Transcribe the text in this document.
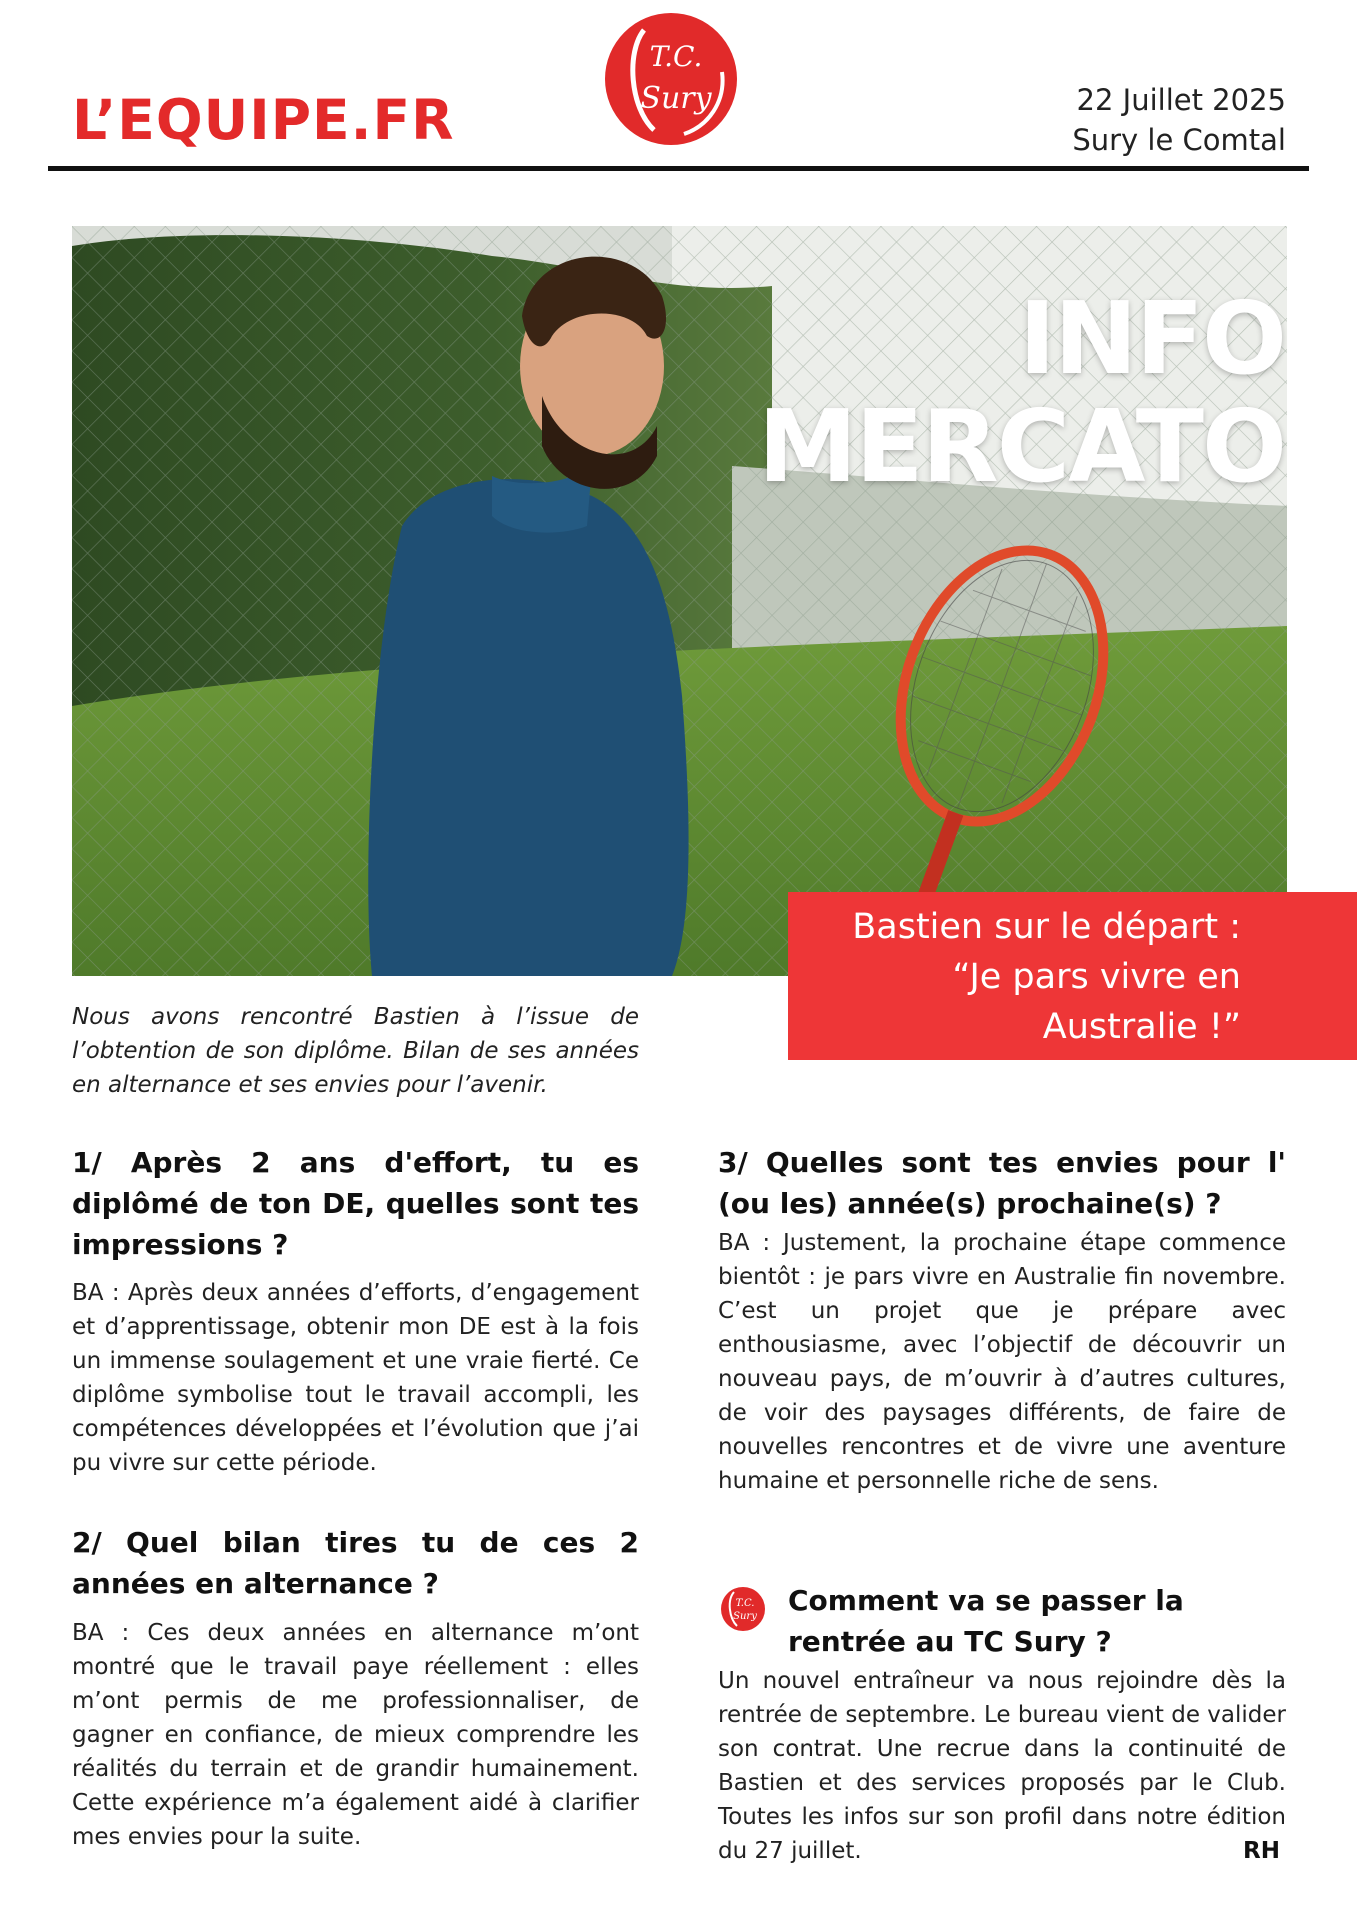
L’EQUIPE.FR
T.C.
Sury	22 Juillet 2025
Sury le Comtal
INFO
MERCATO
Bastien sur le départ :
“Je pars vivre en
Australie !”
Nous avons rencontré Bastien à l’issue de l’obtention de son diplôme. Bilan de ses années en alternance et ses envies pour l’avenir.
1/ Après 2 ans d'effort, tu es diplômé de ton DE, quelles sont tes impressions ?
BA : Après deux années d’efforts, d’engagement et d’apprentissage, obtenir mon DE est à la fois un immense soulagement et une vraie fierté. Ce diplôme symbolise tout le travail accompli, les compétences développées et l’évolution que j’ai pu vivre sur cette période.
2/ Quel bilan tires tu de ces 2 années en alternance ?
BA : Ces deux années en alternance m’ont montré que le travail paye réellement : elles m’ont permis de me professionnaliser, de gagner en confiance, de mieux comprendre les réalités du terrain et de grandir humainement. Cette expérience m’a également aidé à clarifier mes envies pour la suite.
3/ Quelles sont tes envies pour l' (ou les) année(s) prochaine(s) ?
BA : Justement, la prochaine étape commence bientôt : je pars vivre en Australie fin novembre. C’est un projet que je prépare avec enthousiasme, avec l’objectif de découvrir un nouveau pays, de m’ouvrir à d’autres cultures, de voir des paysages différents, de faire de nouvelles rencontres et de vivre une aventure humaine et personnelle riche de sens.
T.C.
Sury Comment va se passer la rentrée au TC Sury ?
Un nouvel entraîneur va nous rejoindre dès la rentrée de septembre. Le bureau vient de valider son contrat. Une recrue dans la continuité de Bastien et des services proposés par le Club. Toutes les infos sur son profil dans notre édition du 27 juillet.	RH
